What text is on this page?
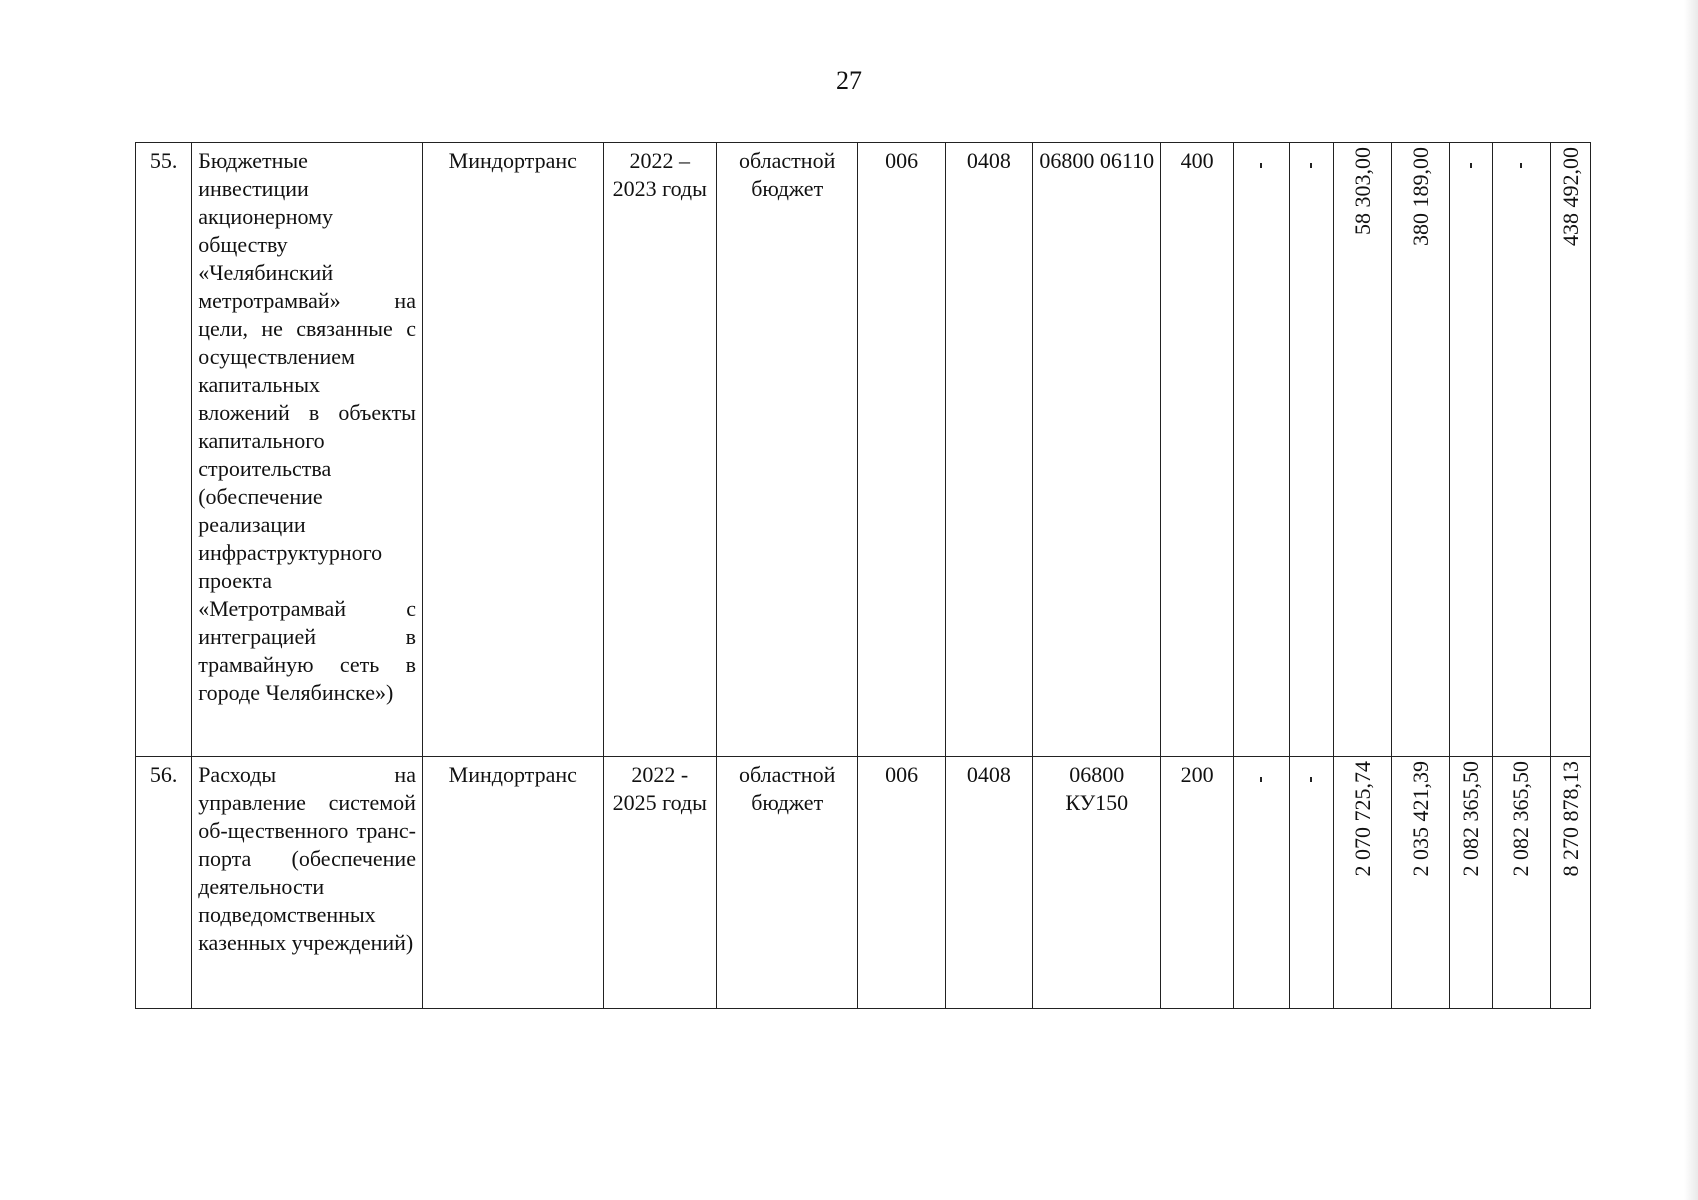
27
55.	Бюджетные инвестиции акционерному обществу «Челябинский метротрамвай» на цели, не связанные с осуществлением капитальных вложений в объекты капитального строительства (обеспечение реализации инфраструктурного проекта «Метротрамвай с интеграцией в трамвайную сеть в городе Челябинске»)	Миндортранс	2022 – 2023 годы	областной бюджет	006	0408	06800 06110	400			58 303,00	380 189,00			438 492,00

56.	Расходы на управление системой об-щественного транс-порта (обеспечение деятельности подведомственных казенных учреждений)	Миндортранс	2022 - 2025 годы	областной бюджет	006	0408	06800 КУ150	200			2 070 725,74	2 035 421,39	2 082 365,50	2 082 365,50	8 270 878,13
